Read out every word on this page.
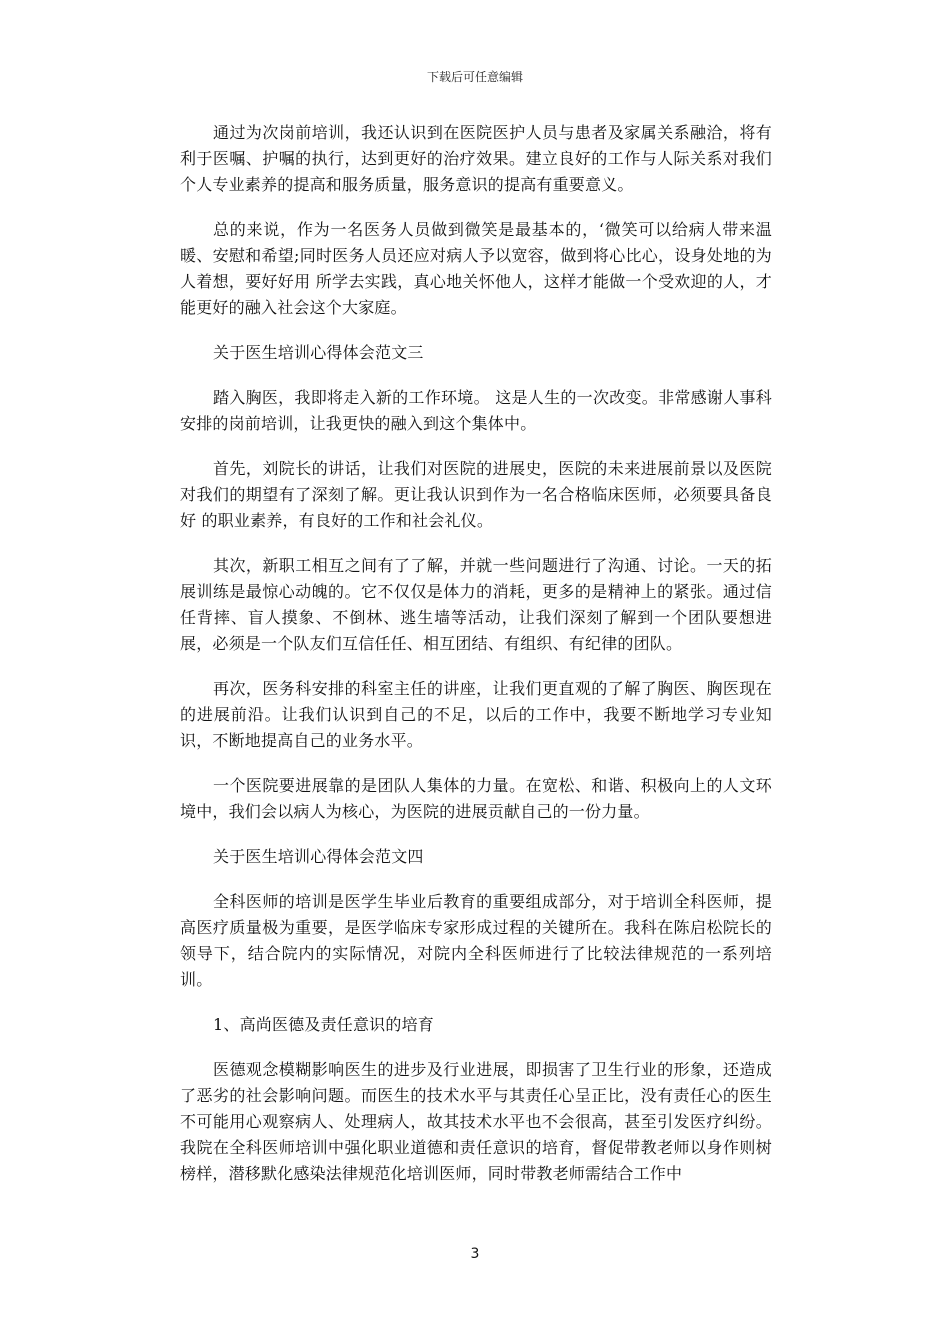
下载后可任意编辑

通过为次岗前培训，我还认识到在医院医护人员与患者及家属关系融洽，将有利于医嘱、护嘱的执行，达到更好的治疗效果。建立良好的工作与人际关系对我们个人专业素养的提高和服务质量，服务意识的提高有重要意义。

总的来说，作为一名医务人员做到微笑是最基本的，‘微笑可以给病人带来温暖、安慰和希望;同时医务人员还应对病人予以宽容，做到将心比心，设身处地的为人着想，要好好用 所学去实践，真心地关怀他人，这样才能做一个受欢迎的人，才能更好的融入社会这个大家庭。

关于医生培训心得体会范文三

踏入胸医，我即将走入新的工作环境。 这是人生的一次改变。非常感谢人事科安排的岗前培训，让我更快的融入到这个集体中。

首先，刘院长的讲话，让我们对医院的进展史，医院的未来进展前景以及医院对我们的期望有了深刻了解。更让我认识到作为一名合格临床医师，必须要具备良好 的职业素养，有良好的工作和社会礼仪。

其次，新职工相互之间有了了解，并就一些问题进行了沟通、讨论。一天的拓展训练是最惊心动魄的。它不仅仅是体力的消耗，更多的是精神上的紧张。通过信任背摔、盲人摸象、不倒林、逃生墙等活动，让我们深刻了解到一个团队要想进展，必须是一个队友们互信任任、相互团结、有组织、有纪律的团队。

再次，医务科安排的科室主任的讲座，让我们更直观的了解了胸医、胸医现在的进展前沿。让我们认识到自己的不足，以后的工作中，我要不断地学习专业知识，不断地提高自己的业务水平。

一个医院要进展靠的是团队人集体的力量。在宽松、和谐、积极向上的人文环境中，我们会以病人为核心，为医院的进展贡献自己的一份力量。

关于医生培训心得体会范文四

全科医师的培训是医学生毕业后教育的重要组成部分，对于培训全科医师，提高医疗质量极为重要，是医学临床专家形成过程的关键所在。我科在陈启松院长的领导下，结合院内的实际情况，对院内全科医师进行了比较法律规范的一系列培训。

1、高尚医德及责任意识的培育

医德观念模糊影响医生的进步及行业进展，即损害了卫生行业的形象，还造成了恶劣的社会影响问题。而医生的技术水平与其责任心呈正比，没有责任心的医生不可能用心观察病人、处理病人，故其技术水平也不会很高，甚至引发医疗纠纷。我院在全科医师培训中强化职业道德和责任意识的培育，督促带教老师以身作则树榜样，潜移默化感染法律规范化培训医师，同时带教老师需结合工作中

3
